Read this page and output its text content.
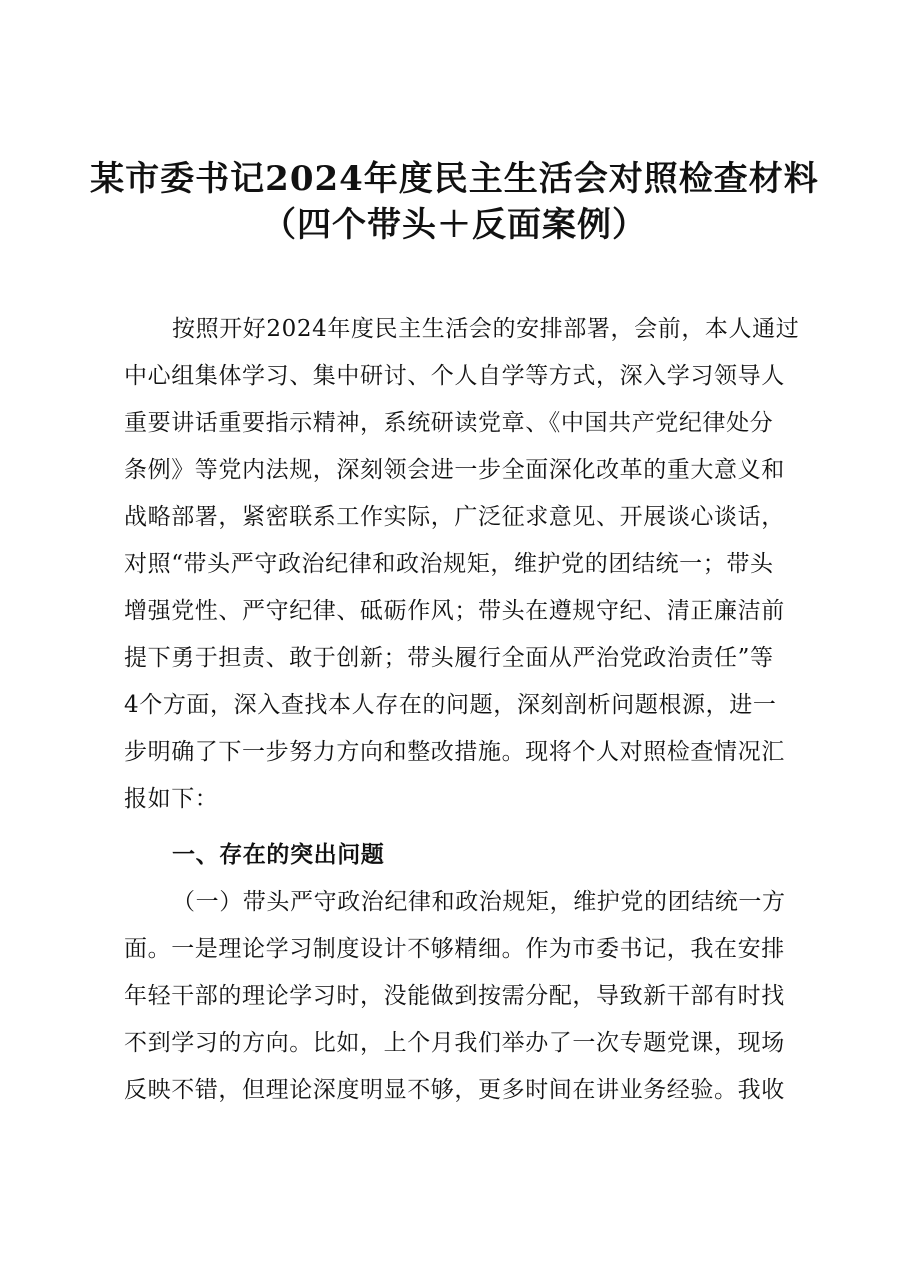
某市委书记2024年度民主生活会对照检查材料
（四个带头＋反面案例）
按照开好2024年度民主生活会的安排部署，会前，本人通过
中心组集体学习、集中研讨、个人自学等方式，深入学习领导人
重要讲话重要指示精神，系统研读党章、《中国共产党纪律处分
条例》等党内法规，深刻领会进一步全面深化改革的重大意义和
战略部署，紧密联系工作实际，广泛征求意见、开展谈心谈话，
对照“带头严守政治纪律和政治规矩，维护党的团结统一；带头
增强党性、严守纪律、砥砺作风；带头在遵规守纪、清正廉洁前
提下勇于担责、敢于创新；带头履行全面从严治党政治责任”等
4个方面，深入查找本人存在的问题，深刻剖析问题根源，进一
步明确了下一步努力方向和整改措施。现将个人对照检查情况汇
报如下：
一、存在的突出问题
（一）带头严守政治纪律和政治规矩，维护党的团结统一方
面。一是理论学习制度设计不够精细。作为市委书记，我在安排
年轻干部的理论学习时，没能做到按需分配，导致新干部有时找
不到学习的方向。比如，上个月我们举办了一次专题党课，现场
反映不错，但理论深度明显不够，更多时间在讲业务经验。我收
